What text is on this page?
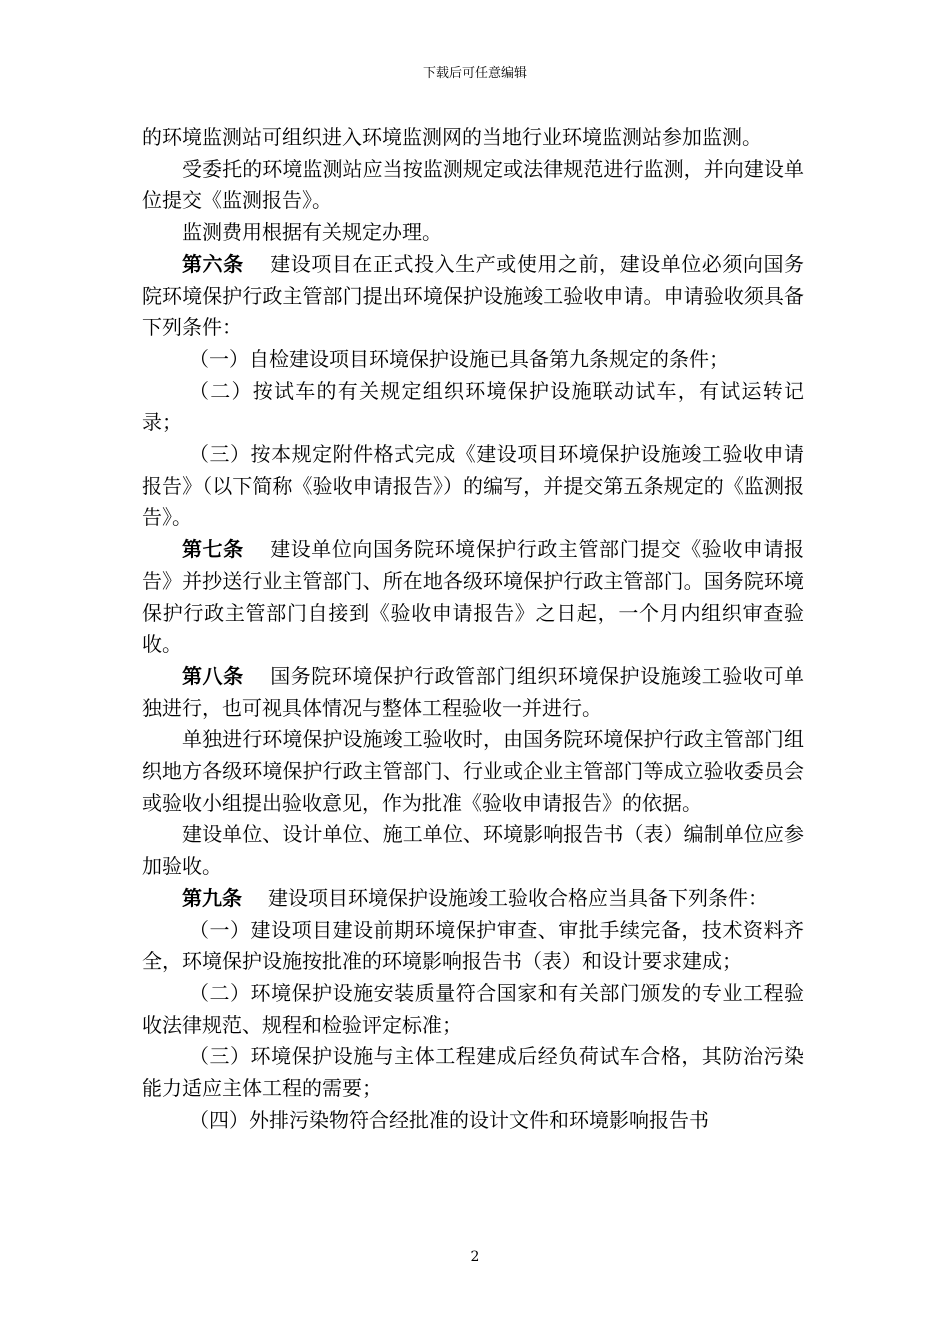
下载后可任意编辑

的环境监测站可组织进入环境监测网的当地行业环境监测站参加监测。

受委托的环境监测站应当按监测规定或法律规范进行监测，并向建设单位提交《监测报告》。

监测费用根据有关规定办理。

第六条 建设项目在正式投入生产或使用之前，建设单位必须向国务院环境保护行政主管部门提出环境保护设施竣工验收申请。申请验收须具备下列条件：

（一）自检建设项目环境保护设施已具备第九条规定的条件；

（二）按试车的有关规定组织环境保护设施联动试车，有试运转记录；

（三）按本规定附件格式完成《建设项目环境保护设施竣工验收申请报告》（以下简称《验收申请报告》）的编写，并提交第五条规定的《监测报告》。

第七条 建设单位向国务院环境保护行政主管部门提交《验收申请报告》并抄送行业主管部门、所在地各级环境保护行政主管部门。国务院环境保护行政主管部门自接到《验收申请报告》之日起，一个月内组织审查验收。

第八条 国务院环境保护行政管部门组织环境保护设施竣工验收可单独进行，也可视具体情况与整体工程验收一并进行。

单独进行环境保护设施竣工验收时，由国务院环境保护行政主管部门组织地方各级环境保护行政主管部门、行业或企业主管部门等成立验收委员会或验收小组提出验收意见，作为批准《验收申请报告》的依据。

建设单位、设计单位、施工单位、环境影响报告书（表）编制单位应参加验收。

第九条 建设项目环境保护设施竣工验收合格应当具备下列条件：

（一）建设项目建设前期环境保护审查、审批手续完备，技术资料齐全，环境保护设施按批准的环境影响报告书（表）和设计要求建成；

（二）环境保护设施安装质量符合国家和有关部门颁发的专业工程验收法律规范、规程和检验评定标准；

（三）环境保护设施与主体工程建成后经负荷试车合格，其防治污染能力适应主体工程的需要；

（四）外排污染物符合经批准的设计文件和环境影响报告书

2
